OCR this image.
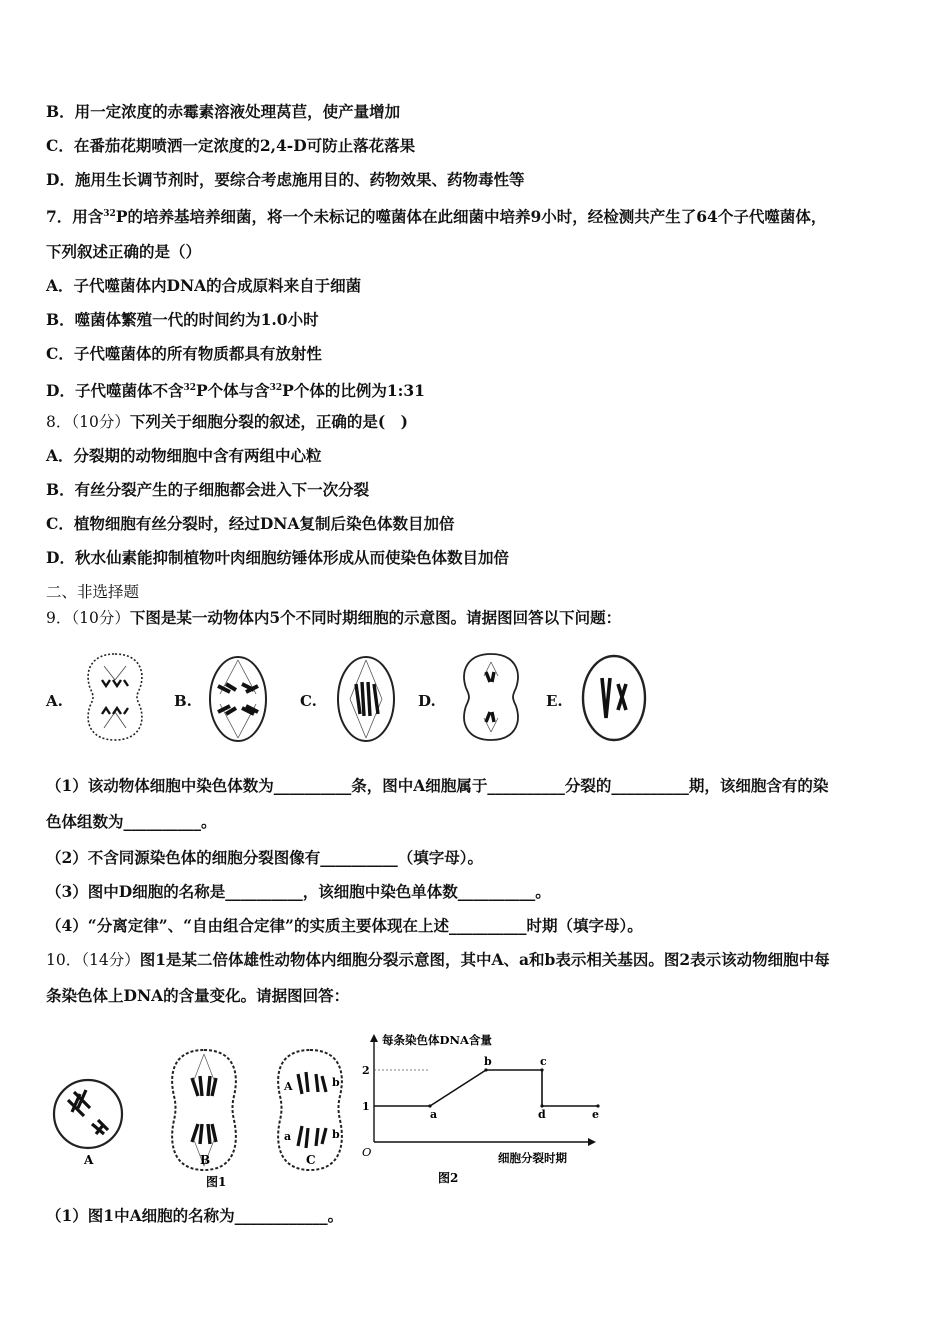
B．用一定浓度的赤霉素溶液处理莴苣，使产量增加
C．在番茄花期喷洒一定浓度的2,4-D可防止落花落果
D．施用生长调节剂时，要综合考虑施用目的、药物效果、药物毒性等
7．用含$^{32}$P的培养基培养细菌，将一个未标记的噬菌体在此细菌中培养9小时，经检测共产生了64个子代噬菌体，
下列叙述正确的是（）
A．子代噬菌体内DNA的合成原料来自于细菌
B．噬菌体繁殖一代的时间约为1.0小时
C．子代噬菌体的所有物质都具有放射性
D．子代噬菌体不含$^{32}$P个体与含$^{32}$P个体的比例为1:31
8．（10分）下列关于细胞分裂的叙述，正确的是(　)
A．分裂期的动物细胞中含有两组中心粒
B．有丝分裂产生的子细胞都会进入下一次分裂
C．植物细胞有丝分裂时，经过DNA复制后染色体数目加倍
D．秋水仙素能抑制植物叶肉细胞纺锤体形成从而使染色体数目加倍
二、非选择题
9．（10分）下图是某一动物体内5个不同时期细胞的示意图。请据图回答以下问题：
A.	B.	C.	D.	E.
（1）该动物体细胞中染色体数为__________条，图中A细胞属于__________分裂的__________期，该细胞含有的染
色体组数为__________。
（2）不含同源染色体的细胞分裂图像有__________（填字母）。
（3）图中D细胞的名称是__________，该细胞中染色单体数__________。
（4）“分离定律”、“自由组合定律”的实质主要体现在上述__________时期（填字母）。
10．（14分）图1是某二倍体雄性动物体内细胞分裂示意图，其中A、a和b表示相关基因。图2表示该动物细胞中每
条染色体上DNA的含量变化。请据图回答：
A
a
b
b
A	B	C
图1
每条染色体DNA含量
细胞分裂时期
O
图2
1
2
a
b	c
d	e
（1）图1中A细胞的名称为____________。
